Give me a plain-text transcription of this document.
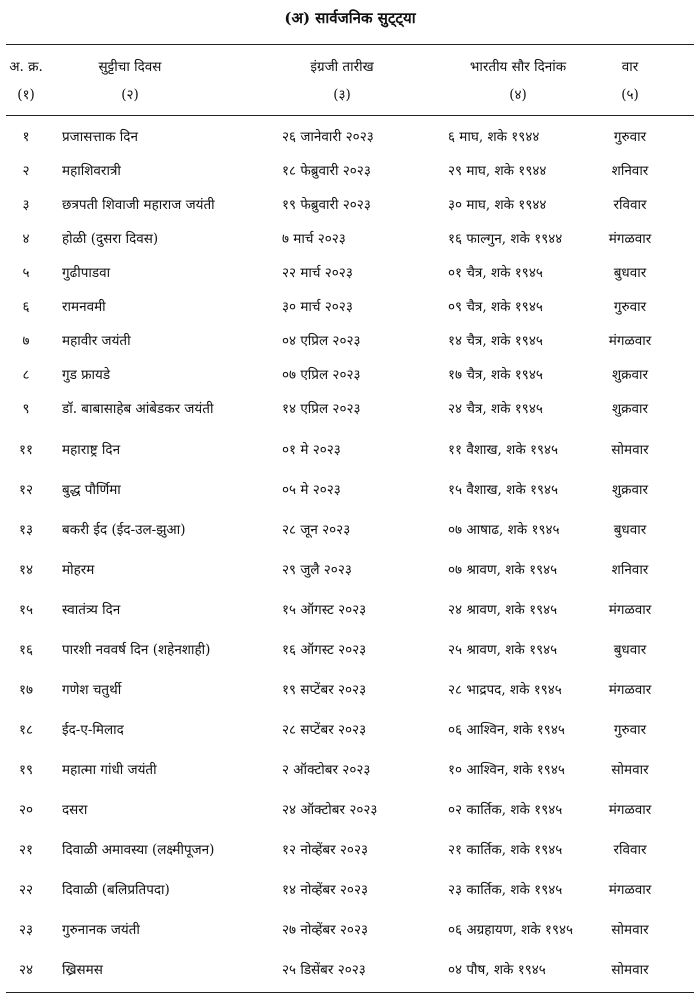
(अ) सार्वजनिक सुट्ट्या
अ. क्र.	सुट्टीचा दिवस	इंग्रजी तारीख	भारतीय सौर दिनांक	वार
(१)	(२)	(३)	(४)	(५)
१	प्रजासत्ताक दिन	२६ जानेवारी २०२३	६ माघ, शके १९४४	गुरुवार
२	महाशिवरात्री	१८ फेब्रुवारी २०२३	२९ माघ, शके १९४४	शनिवार
३	छत्रपती शिवाजी महाराज जयंती	१९ फेब्रुवारी २०२३	३० माघ, शके १९४४	रविवार
४	होळी (दुसरा दिवस)	७ मार्च २०२३	१६ फाल्गुन, शके १९४४	मंगळवार
५	गुढीपाडवा	२२ मार्च २०२३	०१ चैत्र, शके १९४५	बुधवार
६	रामनवमी	३० मार्च २०२३	०९ चैत्र, शके १९४५	गुरुवार
७	महावीर जयंती	०४ एप्रिल २०२३	१४ चैत्र, शके १९४५	मंगळवार
८	गुड फ्रायडे	०७ एप्रिल २०२३	१७ चैत्र, शके १९४५	शुक्रवार
९	डॉ. बाबासाहेब आंबेडकर जयंती	१४ एप्रिल २०२३	२४ चैत्र, शके १९४५	शुक्रवार
११	महाराष्ट्र दिन	०१ मे २०२३	११ वैशाख, शके १९४५	सोमवार
१२	बुद्ध पौर्णिमा	०५ मे २०२३	१५ वैशाख, शके १९४५	शुक्रवार
१३	बकरी ईद (ईद-उल-झुआ)	२८ जून २०२३	०७ आषाढ, शके १९४५	बुधवार
१४	मोहरम	२९ जुलै २०२३	०७ श्रावण, शके १९४५	शनिवार
१५	स्वातंत्र्य दिन	१५ ऑगस्ट २०२३	२४ श्रावण, शके १९४५	मंगळवार
१६	पारशी नववर्ष दिन (शहेनशाही)	१६ ऑगस्ट २०२३	२५ श्रावण, शके १९४५	बुधवार
१७	गणेश चतुर्थी	१९ सप्टेंबर २०२३	२८ भाद्रपद, शके १९४५	मंगळवार
१८	ईद-ए-मिलाद	२८ सप्टेंबर २०२३	०६ आश्विन, शके १९४५	गुरुवार
१९	महात्मा गांधी जयंती	२ ऑक्टोबर २०२३	१० आश्विन, शके १९४५	सोमवार
२०	दसरा	२४ ऑक्टोबर २०२३	०२ कार्तिक, शके १९४५	मंगळवार
२१	दिवाळी अमावस्या (लक्ष्मीपूजन)	१२ नोव्हेंबर २०२३	२१ कार्तिक, शके १९४५	रविवार
२२	दिवाळी (बलिप्रतिपदा)	१४ नोव्हेंबर २०२३	२३ कार्तिक, शके १९४५	मंगळवार
२३	गुरुनानक जयंती	२७ नोव्हेंबर २०२३	०६ अग्रहायण, शके १९४५	सोमवार
२४	ख्रिसमस	२५ डिसेंबर २०२३	०४ पौष, शके १९४५	सोमवार
